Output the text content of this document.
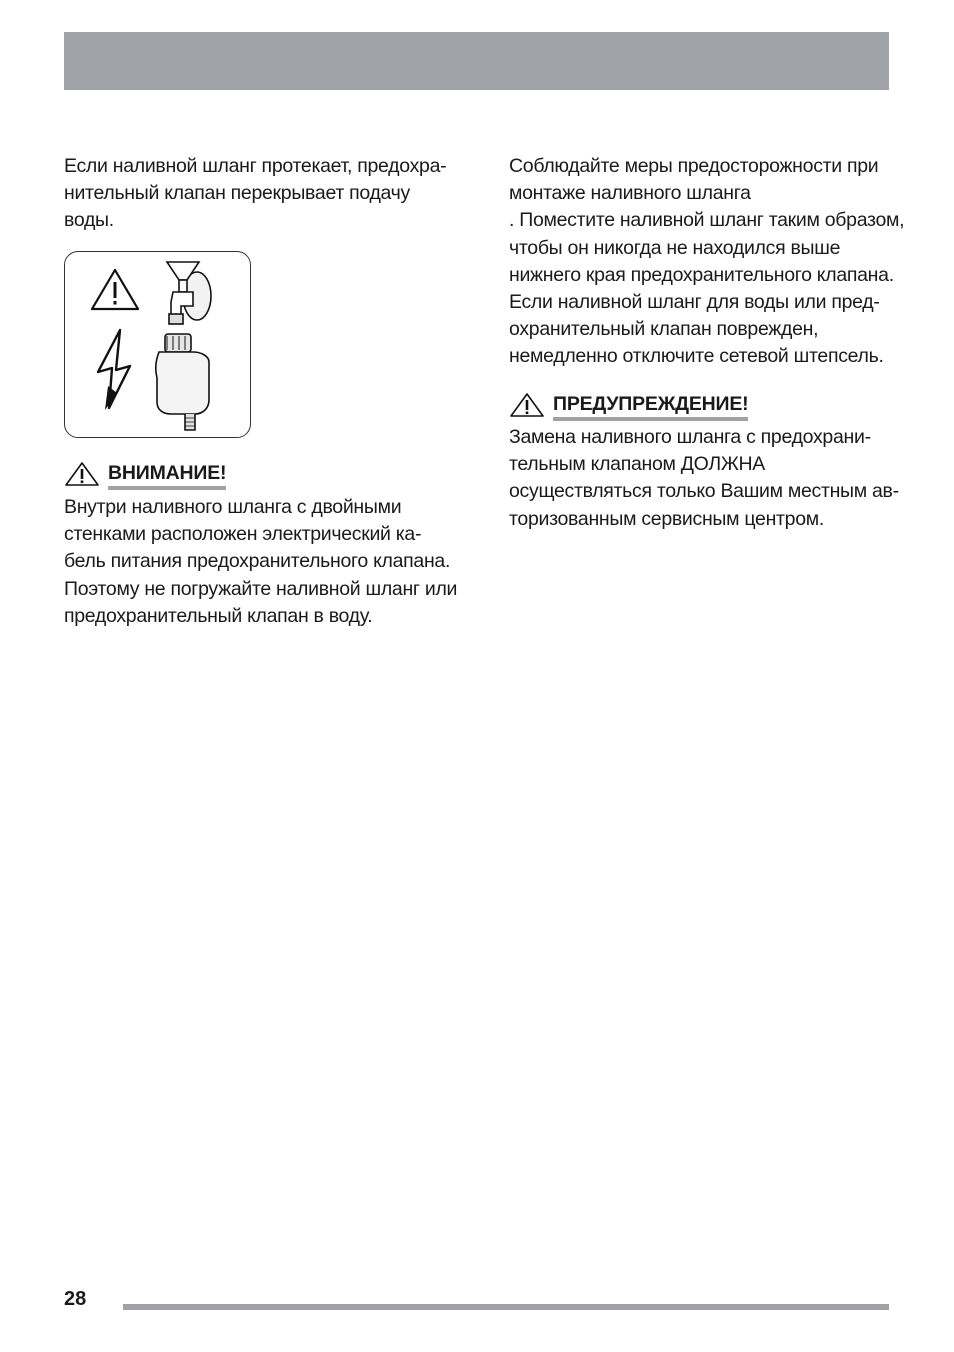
Если наливной шланг протекает, предохра-
нительный клапан перекрывает подачу
воды.

ВНИМАНИЕ!
Внутри наливного шланга с двойными
стенками расположен электрический ка-
бель питания предохранительного клапана.
Поэтому не погружайте наливной шланг или
предохранительный клапан в воду.

Соблюдайте меры предосторожности при
монтаже наливного шланга
. Поместите наливной шланг таким образом,
чтобы он никогда не находился выше
нижнего края предохранительного клапана.
Если наливной шланг для воды или пред-
охранительный клапан поврежден,
немедленно отключите сетевой штепсель.

ПРЕДУПРЕЖДЕНИЕ!
Замена наливного шланга с предохрани-
тельным клапаном ДОЛЖНА
осуществляться только Вашим местным ав-
торизованным сервисным центром.
28
